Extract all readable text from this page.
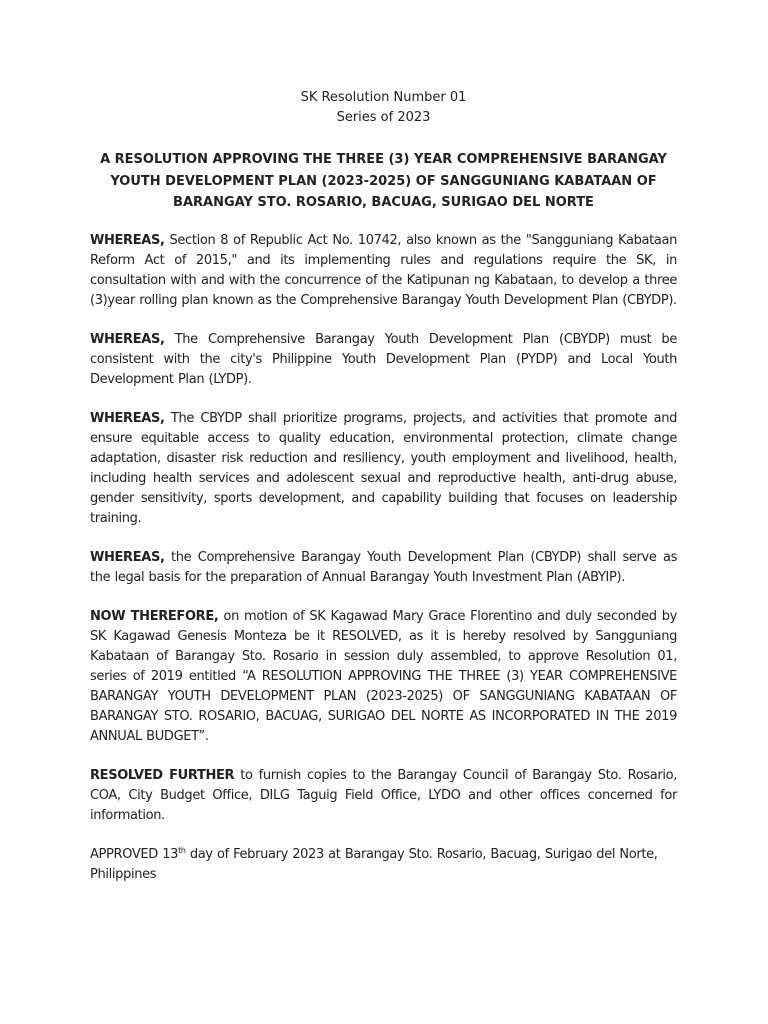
SK Resolution Number 01
Series of 2023
A RESOLUTION APPROVING THE THREE (3) YEAR COMPREHENSIVE BARANGAY YOUTH DEVELOPMENT PLAN (2023-2025) OF SANGGUNIANG KABATAAN OF BARANGAY STO. ROSARIO, BACUAG, SURIGAO DEL NORTE

WHEREAS, Section 8 of Republic Act No. 10742, also known as the "Sangguniang Kabataan Reform Act of 2015," and its implementing rules and regulations require the SK, in consultation with and with the concurrence of the Katipunan ng Kabataan, to develop a three (3)year rolling plan known as the Comprehensive Barangay Youth Development Plan (CBYDP).

WHEREAS, The Comprehensive Barangay Youth Development Plan (CBYDP) must be consistent with the city's Philippine Youth Development Plan (PYDP) and Local Youth Development Plan (LYDP).

WHEREAS, The CBYDP shall prioritize programs, projects, and activities that promote and ensure equitable access to quality education, environmental protection, climate change adaptation, disaster risk reduction and resiliency, youth employment and livelihood, health, including health services and adolescent sexual and reproductive health, anti-drug abuse, gender sensitivity, sports development, and capability building that focuses on leadership training.

WHEREAS, the Comprehensive Barangay Youth Development Plan (CBYDP) shall serve as the legal basis for the preparation of Annual Barangay Youth Investment Plan (ABYIP).

NOW THEREFORE, on motion of SK Kagawad Mary Grace Florentino and duly seconded by SK Kagawad Genesis Monteza be it RESOLVED, as it is hereby resolved by Sangguniang Kabataan of Barangay Sto. Rosario in session duly assembled, to approve Resolution 01, series of 2019 entitled “A RESOLUTION APPROVING THE THREE (3) YEAR COMPREHENSIVE BARANGAY YOUTH DEVELOPMENT PLAN (2023-2025) OF SANGGUNIANG KABATAAN OF BARANGAY STO. ROSARIO, BACUAG, SURIGAO DEL NORTE AS INCORPORATED IN THE 2019 ANNUAL BUDGET”.

RESOLVED FURTHER to furnish copies to the Barangay Council of Barangay Sto. Rosario, COA, City Budget Office, DILG Taguig Field Office, LYDO and other offices concerned for information.

APPROVED 13th day of February 2023 at Barangay Sto. Rosario, Bacuag, Surigao del Norte, Philippines
